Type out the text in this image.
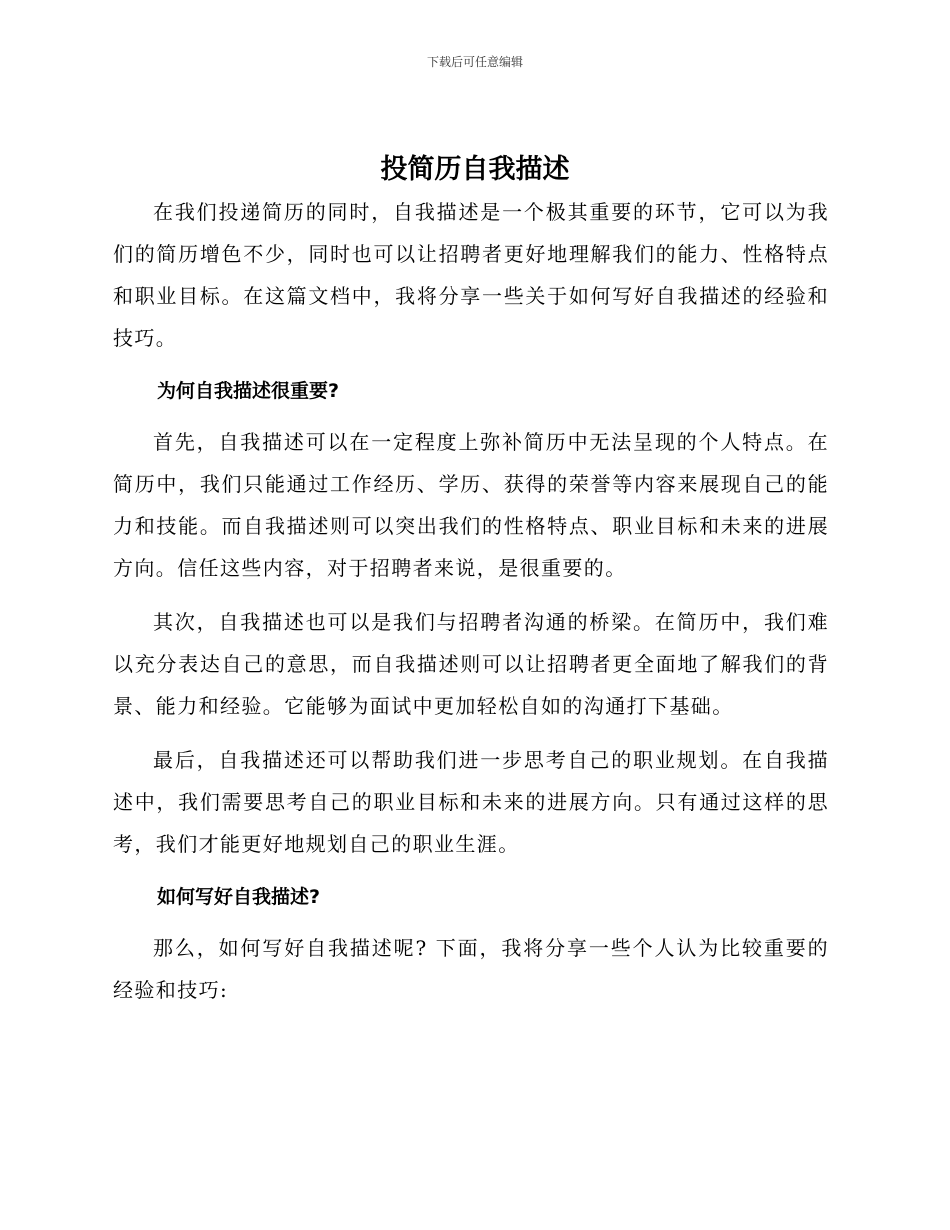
下载后可任意编辑
投简历自我描述

在我们投递简历的同时，自我描述是一个极其重要的环节，它可以为我们的简历增色不少，同时也可以让招聘者更好地理解我们的能力、性格特点和职业目标。在这篇文档中，我将分享一些关于如何写好自我描述的经验和技巧。

为何自我描述很重要?

首先，自我描述可以在一定程度上弥补简历中无法呈现的个人特点。在简历中，我们只能通过工作经历、学历、获得的荣誉等内容来展现自己的能力和技能。而自我描述则可以突出我们的性格特点、职业目标和未来的进展方向。信任这些内容，对于招聘者来说，是很重要的。

其次，自我描述也可以是我们与招聘者沟通的桥梁。在简历中，我们难以充分表达自己的意思，而自我描述则可以让招聘者更全面地了解我们的背景、能力和经验。它能够为面试中更加轻松自如的沟通打下基础。

最后，自我描述还可以帮助我们进一步思考自己的职业规划。在自我描述中，我们需要思考自己的职业目标和未来的进展方向。只有通过这样的思考，我们才能更好地规划自己的职业生涯。

如何写好自我描述?

那么，如何写好自我描述呢? 下面，我将分享一些个人认为比较重要的经验和技巧:
